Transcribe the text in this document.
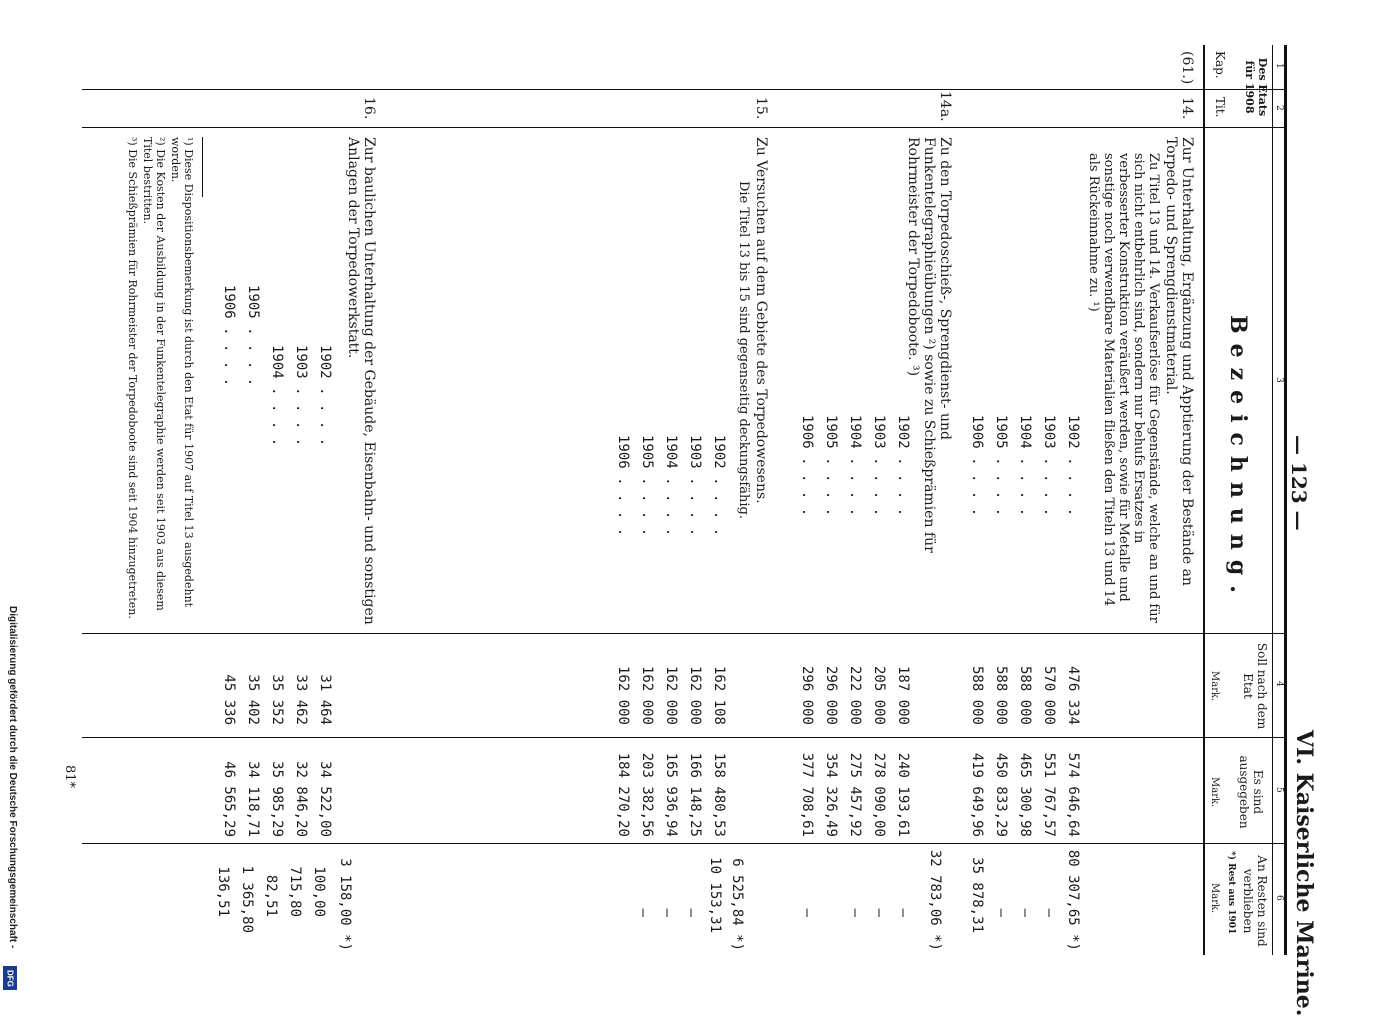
Digitalisierung gefördert durch die Deutsche Forschungsgemeinschaft -
DFG
— 123 —
VI. Kaiserliche Marine.
1
2
3
4
5
6
Des Etats für 1908
Kap.
Tit.
Bezeichnung.
Soll nach dem Etat
Mark.
Es sind ausgegeben
Mark.
An Resten sind verblieben
*) Rest aus 1901
Mark.
(61.)
14.
Zur Unterhaltung, Ergänzung und Apptierung der Bestände an Torpedo- und Sprengdienstmaterial.
Zu Titel 13 und 14. Verkaufserlöse für Gegenstände, welche an und für sich nicht entbehrlich sind, sondern nur behufs Ersatzes in verbesserter Konstruktion veräußert werden, sowie für Metalle und sonstige noch verwendbare Materialien fließen den Titeln 13 und 14 als Rückeinnahme zu. ¹)
1902 . . . .
476 334
574 646,64
80 307,65 *)
1903 . . . .
570 000
551 767,57
—
1904 . . . .
588 000
465 300,98
—
1905 . . . .
588 000
450 833,29
—
1906 . . . .
588 000
419 649,96
35 878,31
14a.
Zu den Torpedoschieß-, Sprengdienst- und Funkentelegraphieübungen ²) sowie zu Schießprämien für Rohrmeister der Torpedoboote. ³)
1902 . . . .
187 000
240 193,61
32 783,06 *)
1903 . . . .
205 000
278 090,00
—
1904 . . . .
222 000
275 457,92
—
1905 . . . .
296 000
354 326,49
—
1906 . . . .
296 000
377 708,61
—
15.
Zu Versuchen auf dem Gebiete des Torpedowesens.
Die Titel 13 bis 15 sind gegenseitig deckungsfähig.
1902 . . . .
162 108
158 480,53
6 525,84 *)
1903 . . . .
162 000
166 148,25
10 153,31
1904 . . . .
162 000
165 936,94
—
1905 . . . .
162 000
203 382,56
—
1906 . . . .
162 000
184 270,20
—
16.
Zur baulichen Unterhaltung der Gebäude, Eisenbahn- und sonstigen Anlagen der Torpedowerkstatt.
1902 . . . .
31 464
34 522,00
3 158,00 *)
1903 . . . .
33 462
32 846,20
100,00
1904 . . . .
35 352
35 985,29
715,80
1905 . . . .
35 402
34 118,71
82,51
1906 . . . .
45 336
46 565,29
1 365,80
136,51
¹) Diese Dispositionsbemerkung ist durch den Etat für 1907 auf Titel 13 ausgedehnt worden.
²) Die Kosten der Ausbildung in der Funkentelegraphie werden seit 1903 aus diesem Titel bestritten.
³) Die Schießprämien für Rohrmeister der Torpedoboote sind seit 1904 hinzugetreten.
81*
